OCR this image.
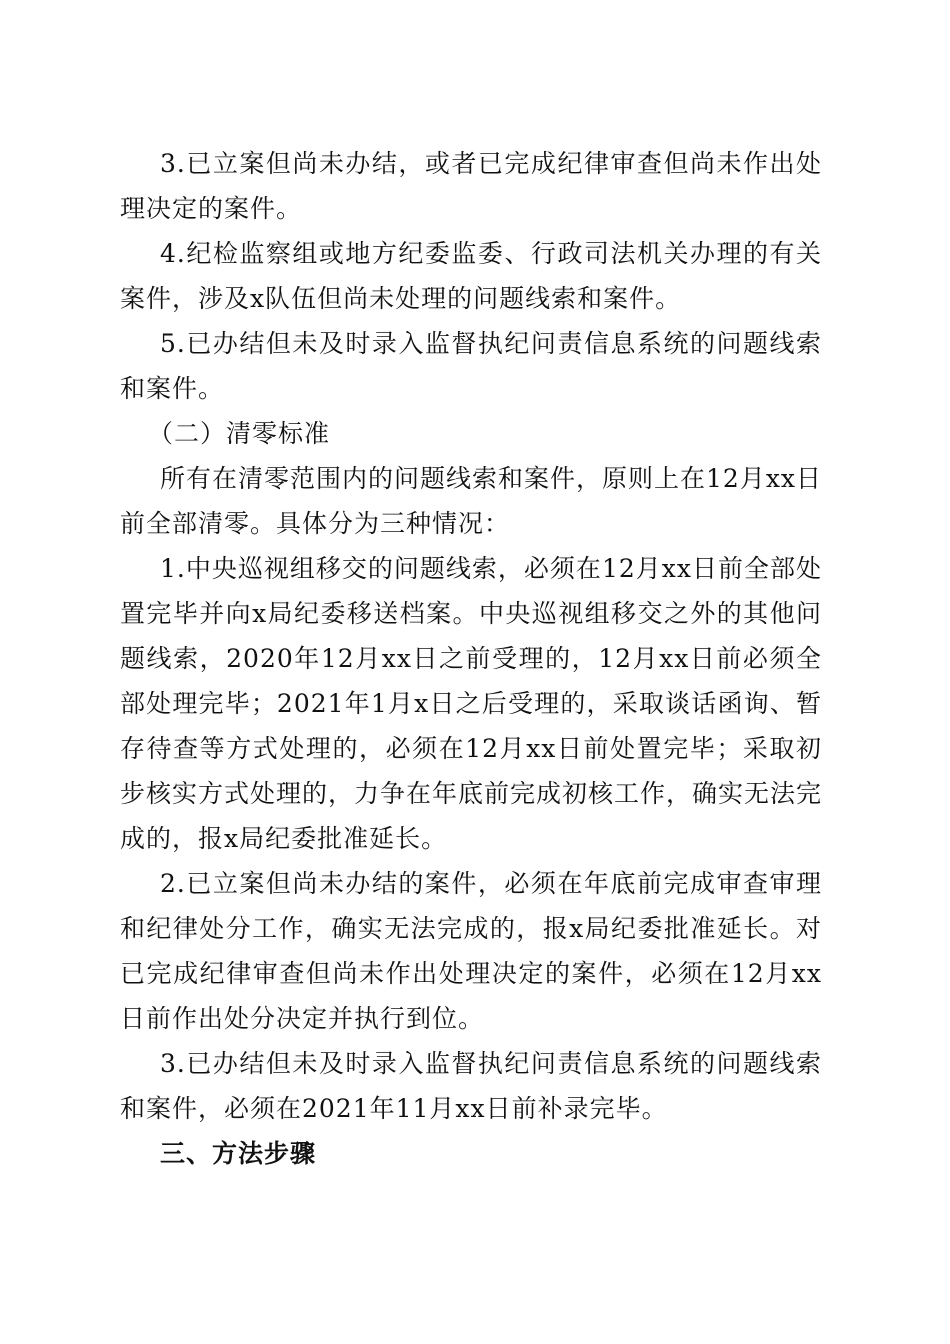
3.已立案但尚未办结，或者已完成纪律审查但尚未作出处理决定的案件。

4.纪检监察组或地方纪委监委、行政司法机关办理的有关案件，涉及x队伍但尚未处理的问题线索和案件。

5.已办结但未及时录入监督执纪问责信息系统的问题线索和案件。

（二）清零标准

所有在清零范围内的问题线索和案件，原则上在12月xx日前全部清零。具体分为三种情况：

1.中央巡视组移交的问题线索，必须在12月xx日前全部处置完毕并向x局纪委移送档案。中央巡视组移交之外的其他问题线索，2020年12月xx日之前受理的，12月xx日前必须全部处理完毕；2021年1月x日之后受理的，采取谈话函询、暂存待查等方式处理的，必须在12月xx日前处置完毕；采取初步核实方式处理的，力争在年底前完成初核工作，确实无法完成的，报x局纪委批准延长。

2.已立案但尚未办结的案件，必须在年底前完成审查审理和纪律处分工作，确实无法完成的，报x局纪委批准延长。对已完成纪律审查但尚未作出处理决定的案件，必须在12月xx日前作出处分决定并执行到位。

3.已办结但未及时录入监督执纪问责信息系统的问题线索和案件，必须在2021年11月xx日前补录完毕。

三、方法步骤
